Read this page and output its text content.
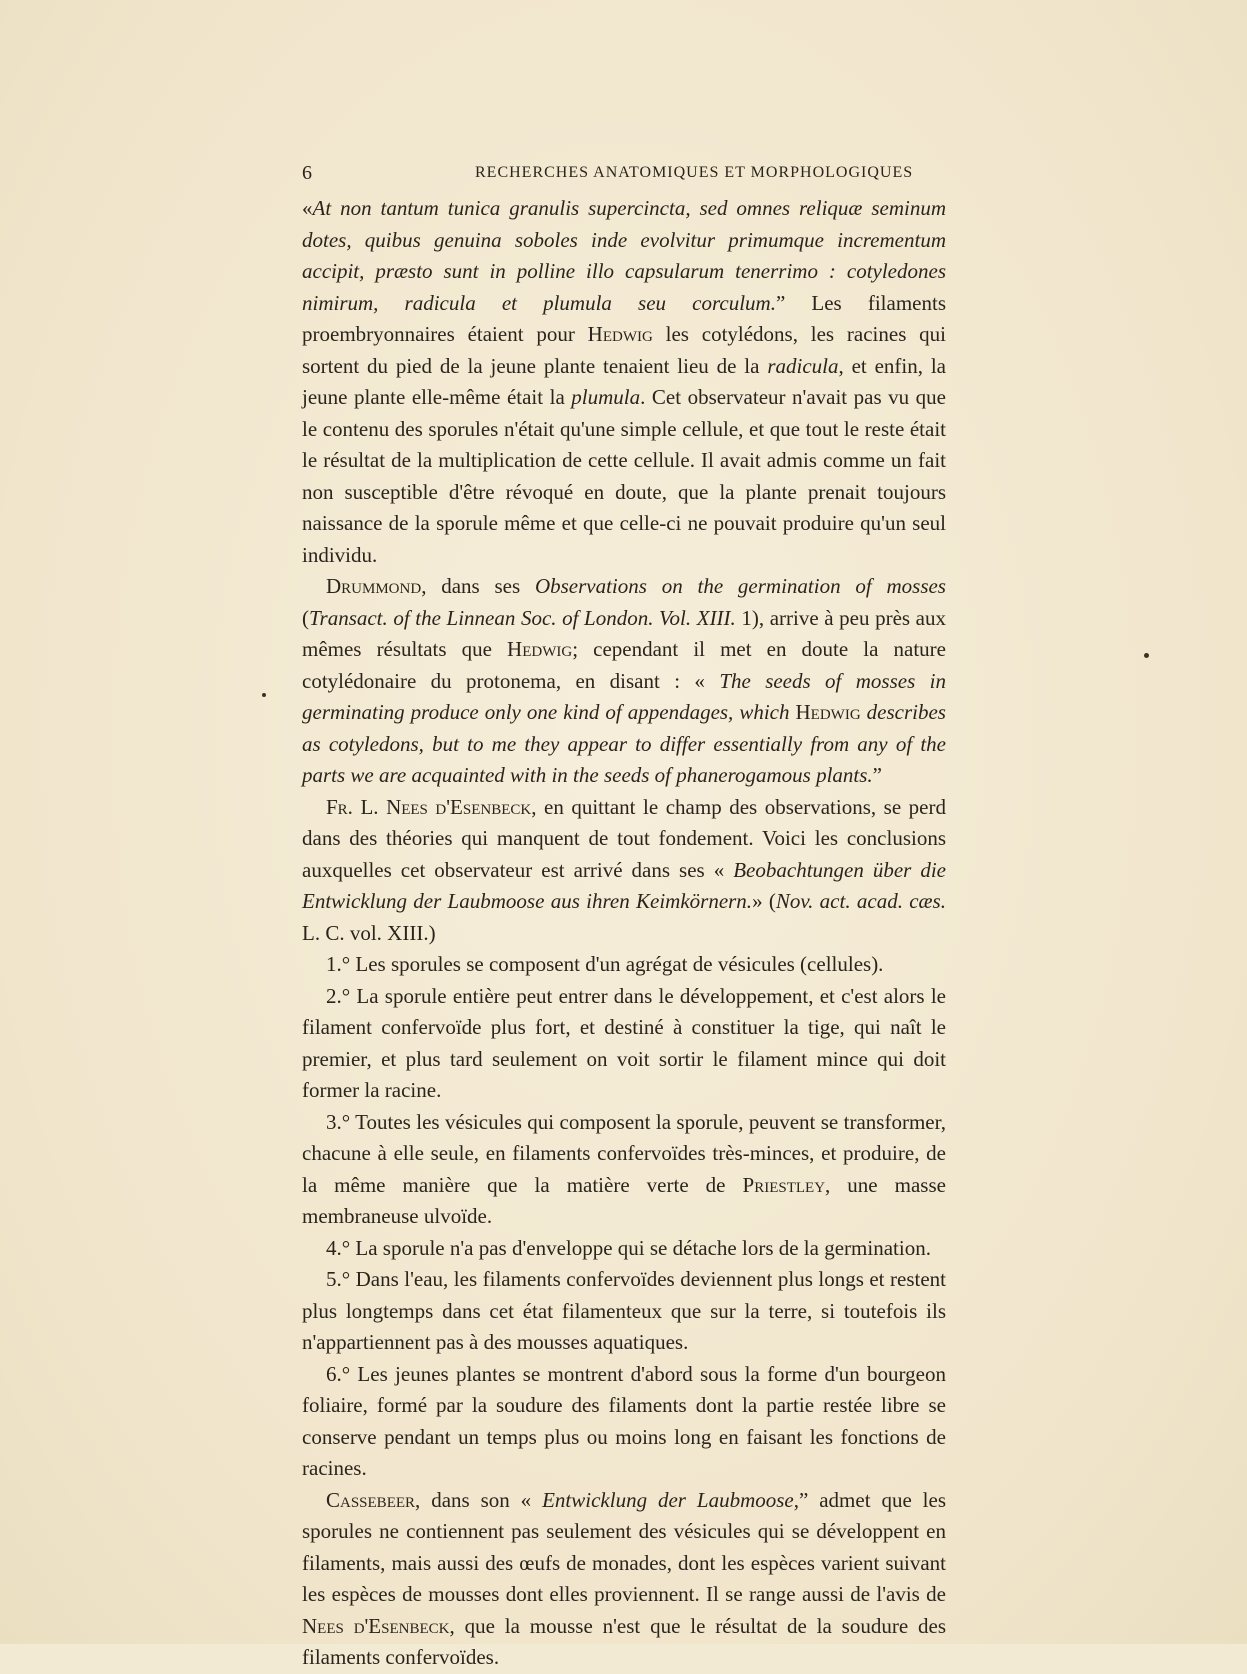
6	RECHERCHES ANATOMIQUES ET MORPHOLOGIQUES

«At non tantum tunica granulis supercincta, sed omnes reliquæ seminum dotes, quibus genuina soboles inde evolvitur primumque incrementum accipit, præsto sunt in polline illo capsularum tenerrimo : cotyledones nimirum, radicula et plumula seu corculum.” Les filaments proembryonnaires étaient pour Hedwig les cotylédons, les racines qui sortent du pied de la jeune plante tenaient lieu de la radicula, et enfin, la jeune plante elle-même était la plumula. Cet observateur n'avait pas vu que le contenu des sporules n'était qu'une simple cellule, et que tout le reste était le résultat de la multiplication de cette cellule. Il avait admis comme un fait non susceptible d'être révoqué en doute, que la plante prenait toujours naissance de la sporule même et que celle-ci ne pouvait produire qu'un seul individu.

Drummond, dans ses Observations on the germination of mosses (Transact. of the Linnean Soc. of London. Vol. XIII. 1), arrive à peu près aux mêmes résultats que Hedwig; cependant il met en doute la nature cotylédonaire du protonema, en disant : « The seeds of mosses in germinating produce only one kind of appendages, which Hedwig describes as cotyledons, but to me they appear to differ essentially from any of the parts we are acquainted with in the seeds of phanerogamous plants.”

Fr. L. Nees d'Esenbeck, en quittant le champ des observations, se perd dans des théories qui manquent de tout fondement. Voici les conclusions auxquelles cet observateur est arrivé dans ses « Beobachtungen über die Entwicklung der Laubmoose aus ihren Keimkörnern.» (Nov. act. acad. cæs. L. C. vol. XIII.)

1.° Les sporules se composent d'un agrégat de vésicules (cellules).

2.° La sporule entière peut entrer dans le développement, et c'est alors le filament confervoïde plus fort, et destiné à constituer la tige, qui naît le premier, et plus tard seulement on voit sortir le filament mince qui doit former la racine.

3.° Toutes les vésicules qui composent la sporule, peuvent se transformer, chacune à elle seule, en filaments confervoïdes très-minces, et produire, de la même manière que la matière verte de Priestley, une masse membraneuse ulvoïde.

4.° La sporule n'a pas d'enveloppe qui se détache lors de la germination.

5.° Dans l'eau, les filaments confervoïdes deviennent plus longs et restent plus longtemps dans cet état filamenteux que sur la terre, si toutefois ils n'appartiennent pas à des mousses aquatiques.

6.° Les jeunes plantes se montrent d'abord sous la forme d'un bourgeon foliaire, formé par la soudure des filaments dont la partie restée libre se conserve pendant un temps plus ou moins long en faisant les fonctions de racines.

Cassebeer, dans son « Entwicklung der Laubmoose,” admet que les sporules ne contiennent pas seulement des vésicules qui se développent en filaments, mais aussi des œufs de monades, dont les espèces varient suivant les espèces de mousses dont elles proviennent. Il se range aussi de l'avis de Nees d'Esenbeck, que la mousse n'est que le résultat de la soudure des filaments confervoïdes.
